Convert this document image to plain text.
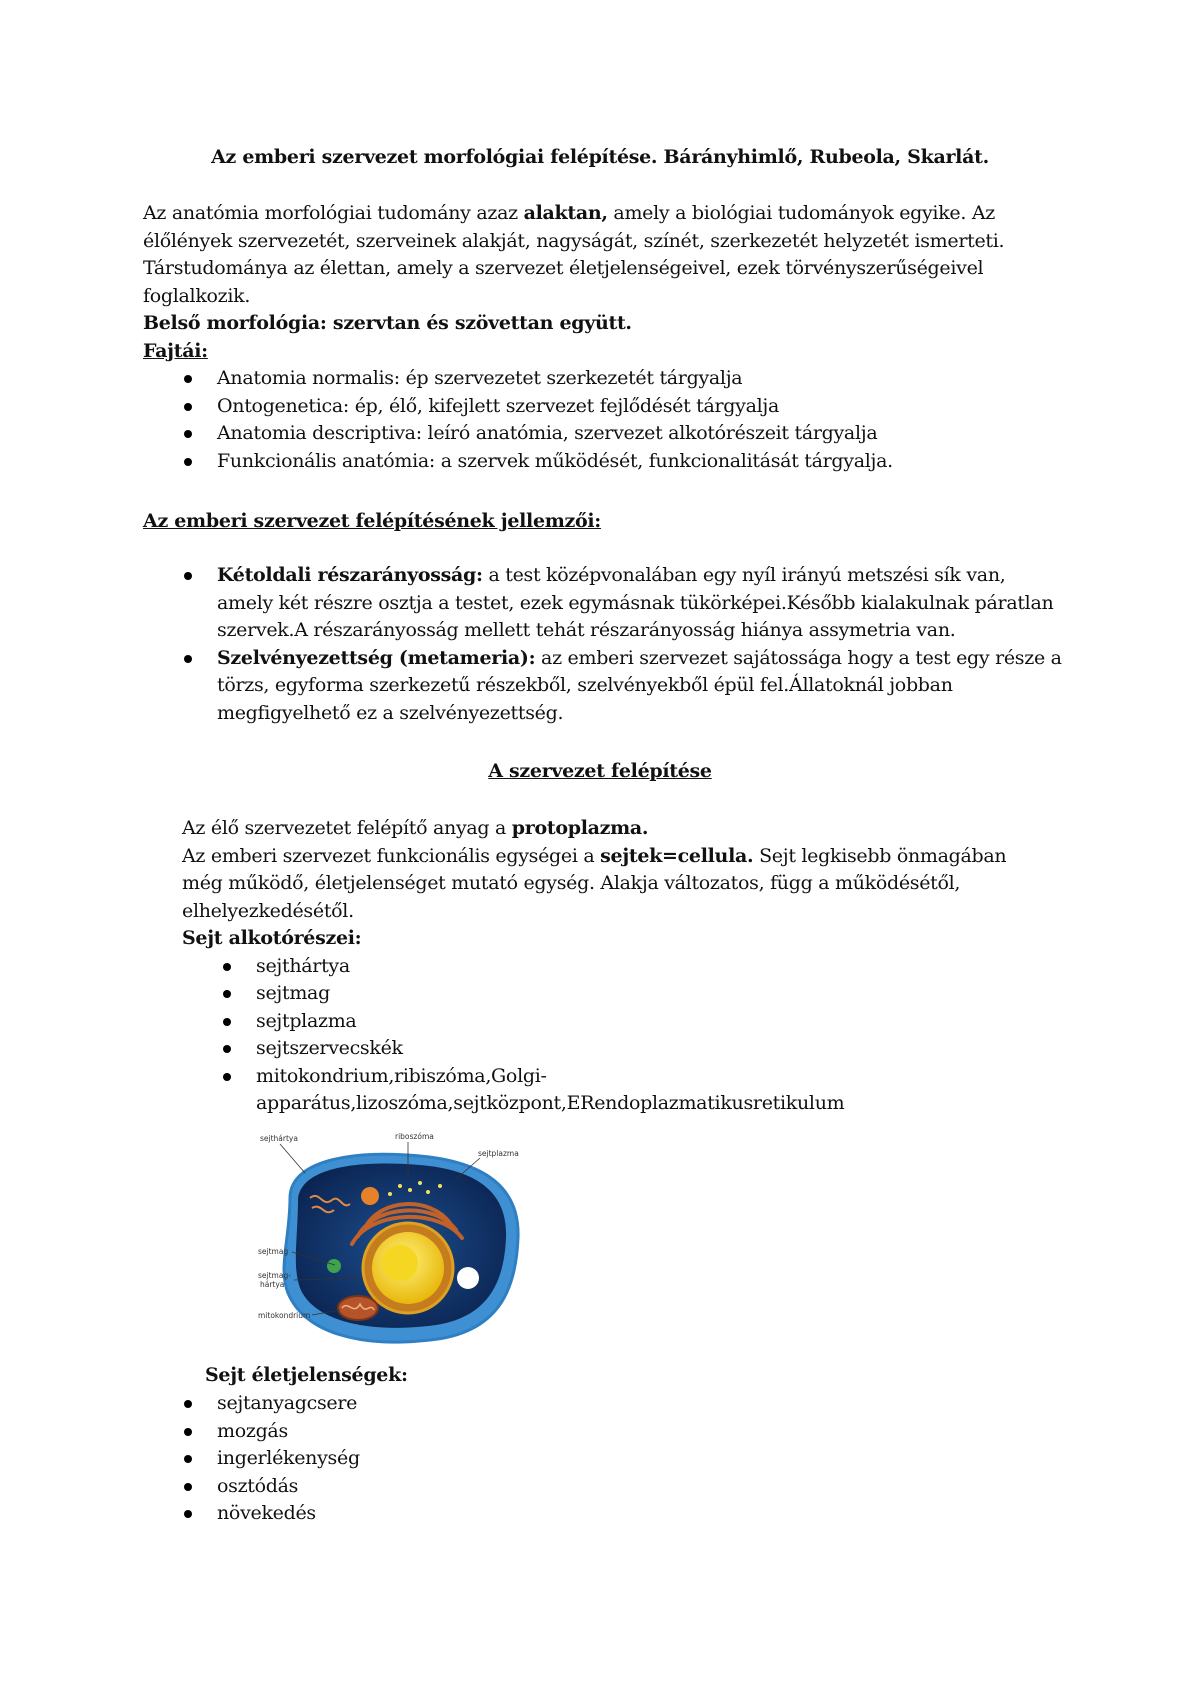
Az emberi szervezet morfológiai felépítése. Bárányhimlő, Rubeola, Skarlát.

Az anatómia morfológiai tudomány azaz alaktan, amely a biológiai tudományok egyike. Az élőlények szervezetét, szerveinek alakját, nagyságát, színét, szerkezetét helyzetét ismerteti. Társtudománya az élettan, amely a szervezet életjelenségeivel, ezek törvényszerűségeivel foglalkozik.

Belső morfológia: szervtan és szövettan együtt.

Fajtái:

Anatomia normalis: ép szervezetet szerkezetét tárgyalja
Ontogenetica: ép, élő, kifejlett szervezet fejlődését tárgyalja
Anatomia descriptiva: leíró anatómia, szervezet alkotórészeit tárgyalja
Funkcionális anatómia: a szervek működését, funkcionalitását tárgyalja.

Az emberi szervezet felépítésének jellemzői:

Kétoldali részarányosság: a test középvonalában egy nyíl irányú metszési sík van, amely két részre osztja a testet, ezek egymásnak tükörképei.Később kialakulnak páratlan szervek.A részarányosság mellett tehát részarányosság hiánya assymetria van.
Szelvényezettség (metameria): az emberi szervezet sajátossága hogy a test egy része a törzs, egyforma szerkezetű részekből, szelvényekből épül fel.Állatoknál jobban megfigyelhető ez a szelvényezettség.
A szervezet felépítése

Az élő szervezetet felépítő anyag a protoplazma.

Az emberi szervezet funkcionális egységei a sejtek=cellula. Sejt legkisebb önmagában még működő, életjelenséget mutató egység. Alakja változatos, függ a működésétől, elhelyezkedésétől.

Sejt alkotórészei:

sejthártya
sejtmag
sejtplazma
sejtszervecskék
mitokondrium,ribiszóma,Golgi-apparátus,lizoszóma,sejtközpont,ERendoplazmatikusretikulum
sejthártya	riboszóma
sejtplazma
sejtmag
sejtmag-
hártya
mitokondrium

Sejt életjelenségek:

sejtanyagcsere
mozgás
ingerlékenység
osztódás
növekedés
